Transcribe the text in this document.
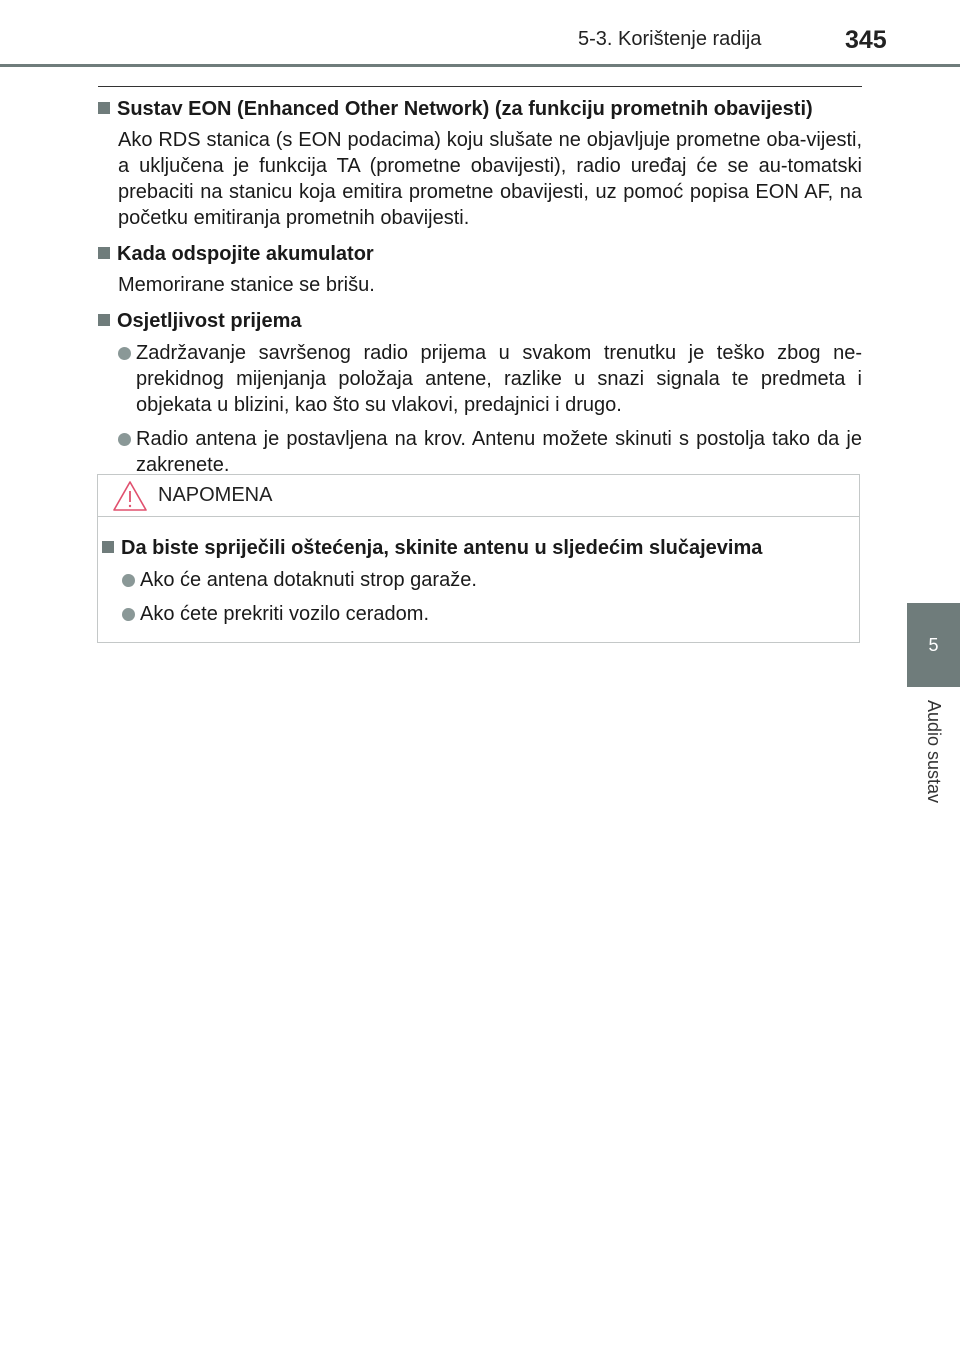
5-3. Korištenje radija	345
5
Audio sustav

Sustav EON (Enhanced Other Network) (za funkciju prometnih obavijesti)

Ako RDS stanica (s EON podacima) koju slušate ne objavljuje prometne oba-vijesti, a uključena je funkcija TA (prometne obavijesti), radio uređaj će se au-tomatski prebaciti na stanicu koja emitira prometne obavijesti, uz pomoć popisa EON AF, na početku emitiranja prometnih obavijesti.

Kada odspojite akumulator

Memorirane stanice se brišu.

Osjetljivost prijema

Zadržavanje savršenog radio prijema u svakom trenutku je teško zbog ne-prekidnog mijenjanja položaja antene, razlike u snazi signala te predmeta i objekata u blizini, kao što su vlakovi, predajnici i drugo.
Radio antena je postavljena na krov. Antenu možete skinuti s postolja tako da je zakrenete.
NAPOMENA

Da biste spriječili oštećenja, skinite antenu u sljedećim slučajevima

Ako će antena dotaknuti strop garaže.
Ako ćete prekriti vozilo ceradom.
